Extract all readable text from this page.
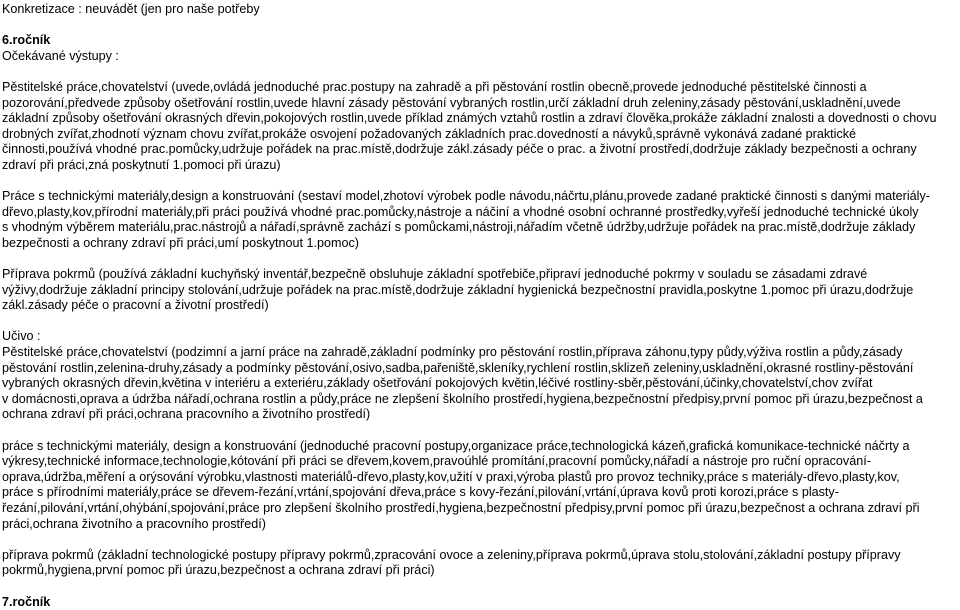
Konkretizace : neuvádět (jen pro naše potřeby
6.ročník
Očekávané výstupy :
Pěstitelské práce,chovatelství (uvede,ovládá jednoduché prac.postupy na zahradě a při pěstování rostlin obecně,provede jednoduché pěstitelské činnosti a
pozorování,předvede způsoby ošetřování rostlin,uvede hlavní zásady pěstování vybraných rostlin,určí základní druh zeleniny,zásady pěstování,uskladnění,uvede
základní způsoby ošetřování okrasných dřevin,pokojových rostlin,uvede příklad známých vztahů rostlin a zdraví člověka,prokáže základní znalosti a dovednosti o chovu
drobných zvířat,zhodnotí význam chovu zvířat,prokáže osvojení požadovaných základních prac.dovedností a návyků,správně vykonává zadané praktické
činnosti,používá vhodné prac.pomůcky,udržuje pořádek na prac.místě,dodržuje zákl.zásady péče o prac. a životní prostředí,dodržuje základy bezpečnosti a ochrany
zdraví při práci,zná poskytnutí 1.pomoci při úrazu)
Práce s technickými materiály,design a konstruování (sestaví model,zhotoví výrobek podle návodu,náčrtu,plánu,provede zadané praktické činnosti s danými materiály-
dřevo,plasty,kov,přírodní materiály,při práci používá vhodné prac.pomůcky,nástroje a náčiní a vhodné osobní ochranné prostředky,vyřeší jednoduché technické úkoly
s vhodným výběrem materiálu,prac.nástrojů a nářadí,správně zachází s pomůckami,nástroji,nářadím včetně údržby,udržuje pořádek na prac.místě,dodržuje základy
bezpečnosti a ochrany zdraví při práci,umí poskytnout 1.pomoc)
Příprava pokrmů (používá základní kuchyňský inventář,bezpečně obsluhuje základní spotřebiče,připraví jednoduché pokrmy v souladu se zásadami zdravé
výživy,dodržuje základní principy stolování,udržuje pořádek na prac.místě,dodržuje základní hygienická bezpečnostní pravidla,poskytne 1.pomoc při úrazu,dodržuje
zákl.zásady péče o pracovní a životní prostředí)
Učivo :
Pěstitelské práce,chovatelství (podzimní a jarní práce na zahradě,základní podmínky pro pěstování rostlin,příprava záhonu,typy půdy,výživa rostlin a půdy,zásady
pěstování rostlin,zelenina-druhy,zásady a podmínky pěstování,osivo,sadba,pařeniště,skleníky,rychlení rostlin,sklizeň zeleniny,uskladnění,okrasné rostliny-pěstování
vybraných okrasných dřevin,květina v interiéru a exteriéru,základy ošetřování pokojových květin,léčivé rostliny-sběr,pěstování,účinky,chovatelství,chov zvířat
v domácnosti,oprava a údržba nářadí,ochrana rostlin a půdy,práce ne zlepšení školního prostředí,hygiena,bezpečnostní předpisy,první pomoc při úrazu,bezpečnost a
ochrana zdraví při práci,ochrana pracovního a životního prostředí)
práce s technickými materiály, design a konstruování (jednoduché pracovní postupy,organizace práce,technologická kázeň,grafická komunikace-technické náčrty a
výkresy,technické informace,technologie,kótování při práci se dřevem,kovem,pravoúhlé promítání,pracovní pomůcky,nářadí a nástroje pro ruční opracování-
oprava,údržba,měření a orýsování výrobku,vlastnosti materiálů-dřevo,plasty,kov,užití v praxi,výroba plastů pro provoz techniky,práce s materiály-dřevo,plasty,kov,
práce s přírodními materiály,práce se dřevem-řezání,vrtání,spojování dřeva,práce s kovy-řezání,pilování,vrtání,úprava kovů proti korozi,práce s plasty-
řezání,pilování,vrtání,ohýbání,spojování,práce pro zlepšení školního prostředí,hygiena,bezpečnostní předpisy,první pomoc při úrazu,bezpečnost a ochrana zdraví při
práci,ochrana životního a pracovního prostředí)
příprava pokrmů (základní technologické postupy přípravy pokrmů,zpracování ovoce a zeleniny,příprava pokrmů,úprava stolu,stolování,základní postupy přípravy
pokrmů,hygiena,první pomoc při úrazu,bezpečnost a ochrana zdraví při práci)
7.ročník
